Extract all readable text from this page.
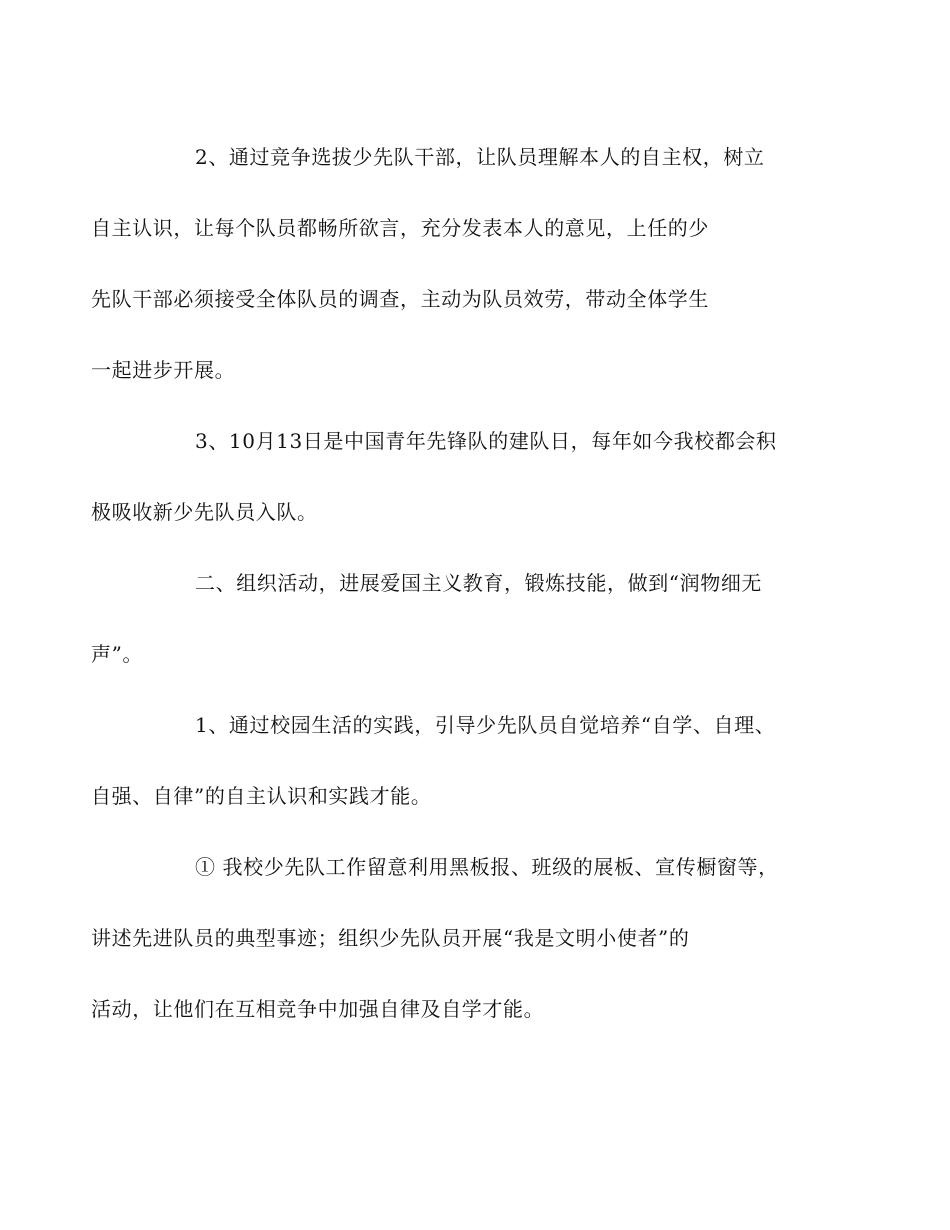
2、通过竞争选拔少先队干部，让队员理解本人的自主权，树立
自主认识，让每个队员都畅所欲言，充分发表本人的意见，上任的少
先队干部必须接受全体队员的调查，主动为队员效劳，带动全体学生
一起进步开展。

3、10月13日是中国青年先锋队的建队日，每年如今我校都会积
极吸收新少先队员入队。

二、组织活动，进展爱国主义教育，锻炼技能，做到“润物细无
声”。

1、通过校园生活的实践，引导少先队员自觉培养“自学、自理、
自强、自律”的自主认识和实践才能。

① 我校少先队工作留意利用黑板报、班级的展板、宣传橱窗等，
讲述先进队员的典型事迹；组织少先队员开展“我是文明小使者”的
活动，让他们在互相竞争中加强自律及自学才能。
